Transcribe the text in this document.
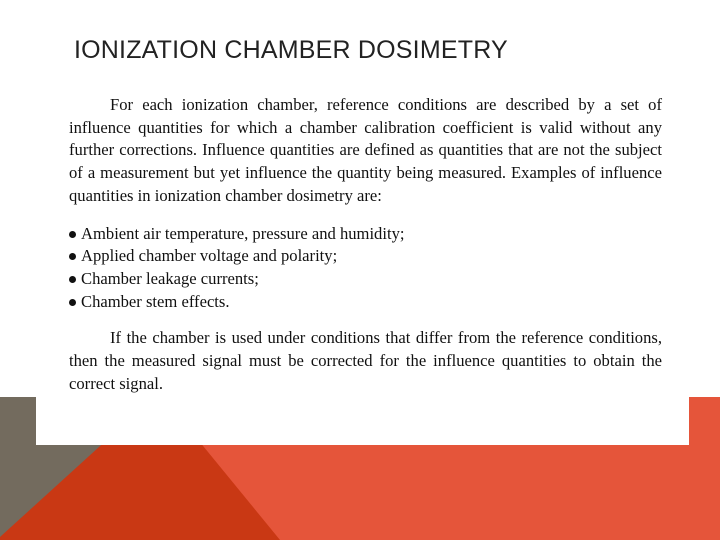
IONIZATION CHAMBER DOSIMETRY

For each ionization chamber, reference conditions are described by a set of influence quantities for which a chamber calibration coefficient is valid without any further corrections. Influence quantities are defined as quantities that are not the subject of a measurement but yet influence the quantity being measured. Examples of influence quantities in ionization chamber dosimetry are:

Ambient air temperature, pressure and humidity;
Applied chamber voltage and polarity;
Chamber leakage currents;
Chamber stem effects.

If the chamber is used under conditions that differ from the reference conditions, then the measured signal must be corrected for the influence quantities to obtain the correct signal.
